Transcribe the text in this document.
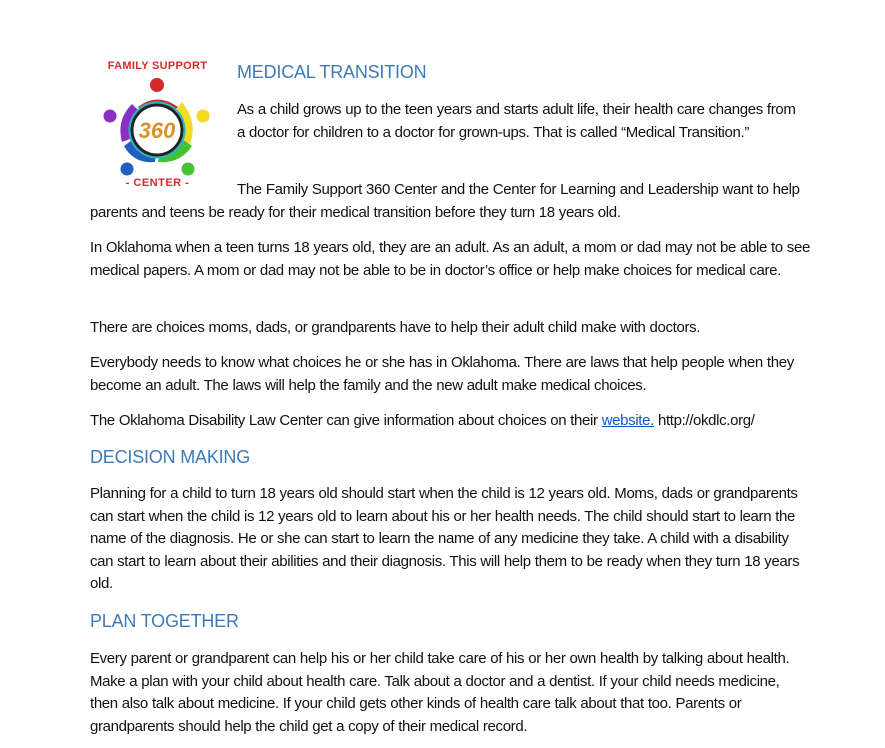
FAMILY SUPPORT
360
- CENTER -
MEDICAL TRANSITION

As a child grows up to the teen years and starts adult life, their health care changes from a doctor for children to a doctor for grown-ups. That is called “Medical Transition.”

The Family Support 360 Center and the Center for Learning and Leadership want to help parents and teens be ready for their medical transition before they turn 18 years old.

In Oklahoma when a teen turns 18 years old, they are an adult. As an adult, a mom or dad may not be able to see medical papers. A mom or dad may not be able to be in doctor’s office or help make choices for medical care.

There are choices moms, dads, or grandparents have to help their adult child make with doctors.

Everybody needs to know what choices he or she has in Oklahoma. There are laws that help people when they become an adult. The laws will help the family and the new adult make medical choices.

The Oklahoma Disability Law Center can give information about choices on their website. http://okdlc.org/

DECISION MAKING

Planning for a child to turn 18 years old should start when the child is 12 years old. Moms, dads or grandparents can start when the child is 12 years old to learn about his or her health needs. The child should start to learn the name of the diagnosis. He or she can start to learn the name of any medicine they take. A child with a disability can start to learn about their abilities and their diagnosis. This will help them to be ready when they turn 18 years old.

PLAN TOGETHER

Every parent or grandparent can help his or her child take care of his or her own health by talking about health. Make a plan with your child about health care. Talk about a doctor and a dentist. If your child needs medicine, then also talk about medicine. If your child gets other kinds of health care talk about that too. Parents or grandparents should help the child get a copy of their medical record.
